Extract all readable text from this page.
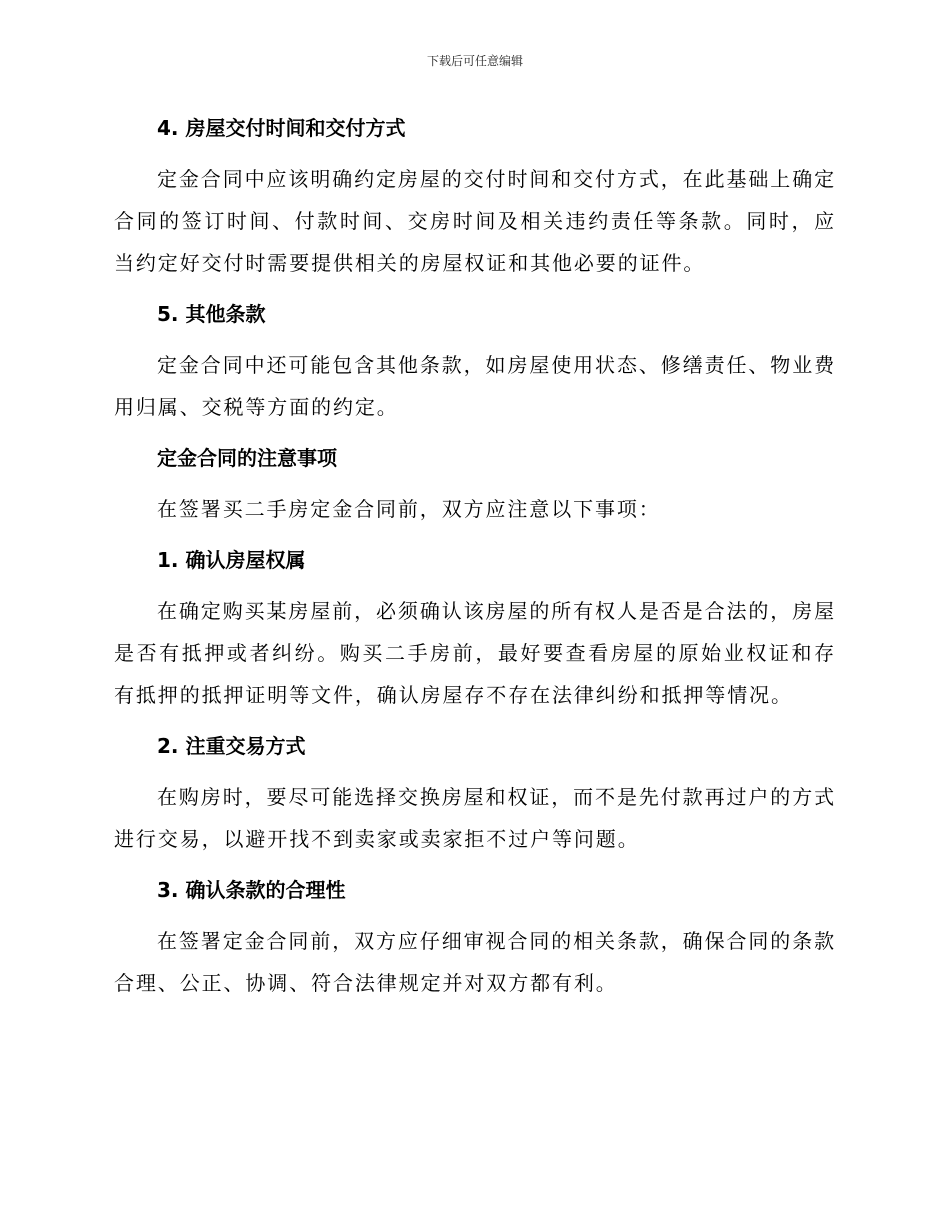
下载后可任意编辑
4. 房屋交付时间和交付方式

定金合同中应该明确约定房屋的交付时间和交付方式，在此基础上确定合同的签订时间、付款时间、交房时间及相关违约责任等条款。同时，应当约定好交付时需要提供相关的房屋权证和其他必要的证件。

5. 其他条款

定金合同中还可能包含其他条款，如房屋使用状态、修缮责任、物业费用归属、交税等方面的约定。

定金合同的注意事项

在签署买二手房定金合同前，双方应注意以下事项：

1. 确认房屋权属

在确定购买某房屋前，必须确认该房屋的所有权人是否是合法的，房屋是否有抵押或者纠纷。购买二手房前，最好要查看房屋的原始业权证和存有抵押的抵押证明等文件，确认房屋存不存在法律纠纷和抵押等情况。

2. 注重交易方式

在购房时，要尽可能选择交换房屋和权证，而不是先付款再过户的方式进行交易，以避开找不到卖家或卖家拒不过户等问题。

3. 确认条款的合理性

在签署定金合同前，双方应仔细审视合同的相关条款，确保合同的条款合理、公正、协调、符合法律规定并对双方都有利。
